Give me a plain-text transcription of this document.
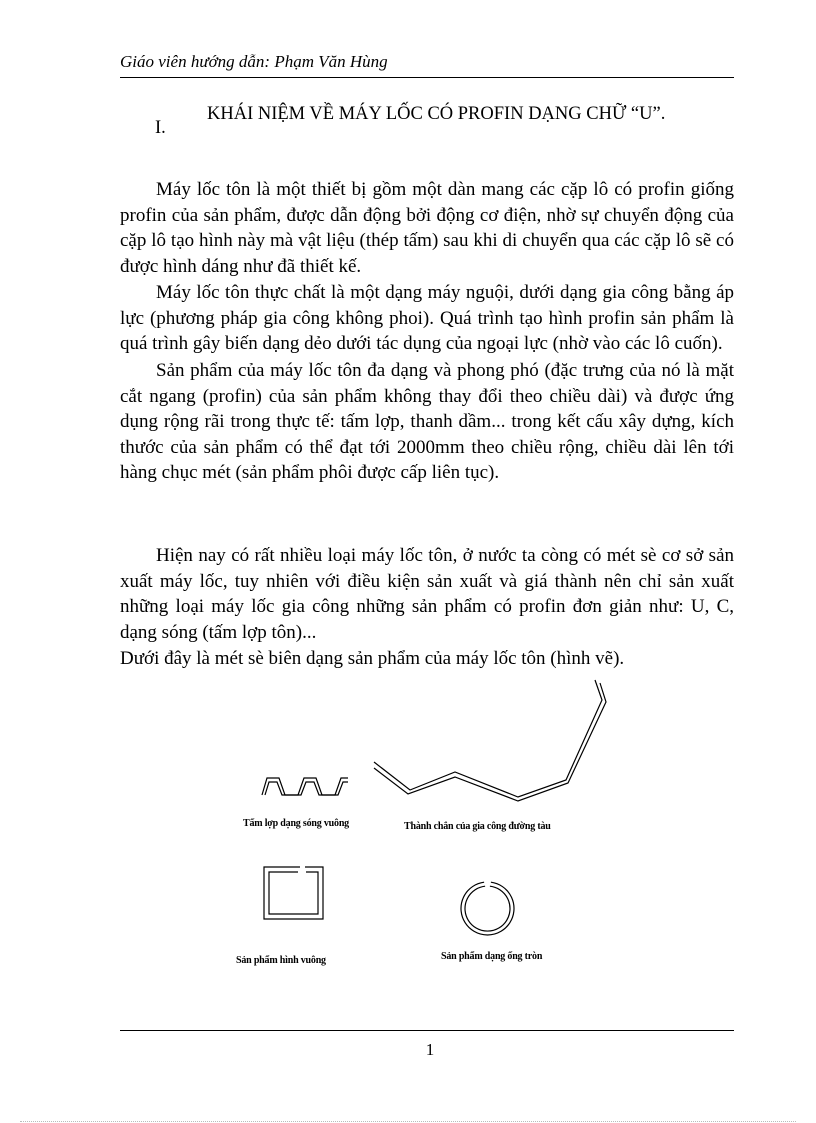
Giáo viên hướng dẫn: Phạm Văn Hùng
I.
KHÁI NIỆM VỀ MÁY LỐC CÓ PROFIN DẠNG CHỮ “U”.

Máy lốc tôn là một thiết bị gồm một dàn mang các cặp lô có profin giống profin của sản phẩm, được dẫn động bởi động cơ điện, nhờ sự chuyển động của cặp lô tạo hình này mà vật liệu (thép tấm) sau khi di chuyển qua các cặp lô sẽ có được hình dáng như đã thiết kế.

Máy lốc tôn thực chất là một dạng máy nguội, dưới dạng gia công bằng áp lực (phương pháp gia công không phoi). Quá trình tạo hình profin sản phẩm là quá trình gây biến dạng dẻo dưới tác dụng của ngoại lực (nhờ vào các lô cuốn).

Sản phẩm của máy lốc tôn đa dạng và phong phó (đặc trưng của nó là mặt cắt ngang (profin) của sản phẩm không thay đổi theo chiều dài) và được ứng dụng rộng rãi trong thực tế: tấm lợp, thanh dầm... trong kết cấu xây dựng, kích thước của sản phẩm có thể đạt tới 2000mm theo chiều rộng, chiều dài lên tới hàng chục mét (sản phẩm phôi được cấp liên tục).

Hiện nay có rất nhiều loại máy lốc tôn, ở nước ta còng có mét sè cơ sở sản xuất máy lốc, tuy nhiên với điều kiện sản xuất và giá thành nên chỉ sản xuất những loại máy lốc gia công những sản phẩm có profin đơn giản như: U, C, dạng sóng (tấm lợp tôn)...

Dưới đây là mét sè biên dạng sản phẩm của máy lốc tôn (hình vẽ).

Tấm lợp dạng sóng vuông	Thành chắn của gia công đường tàu
Sản phẩm hình vuông	Sản phẩm dạng ống tròn
1
